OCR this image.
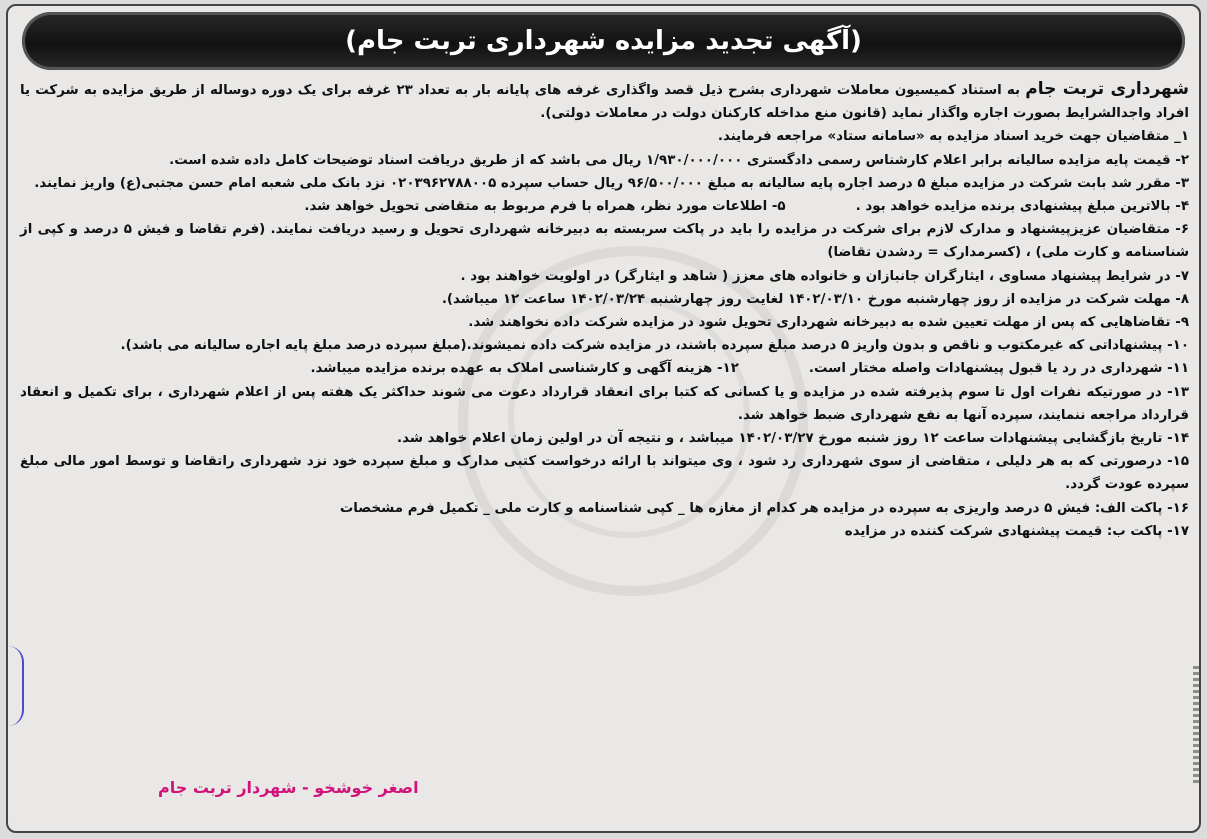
(آگهی تجدید مزایده شهرداری تربت جام)

شهرداری تربت جام به استناد کمیسیون معاملات شهرداری بشرح ذیل قصد واگذاری غرفه های پایانه بار به تعداد ۲۳ غرفه برای یک دوره دوساله از طریق مزایده به شرکت یا افراد واجدالشرایط بصورت اجاره واگذار نماید (قانون منع مداخله کارکنان دولت در معاملات دولتی).

۱_ متقاضیان جهت خرید اسناد مزایده به «سامانه ستاد» مراجعه فرمایند.

۲- قیمت پایه مزایده سالیانه برابر اعلام کارشناس رسمی دادگستری ۱/۹۳۰/۰۰۰/۰۰۰ ریال می باشد که از طریق دریافت اسناد توضیحات کامل داده شده است.

۳- مقرر شد بابت شرکت در مزایده مبلغ ۵ درصد اجاره پایه سالیانه به مبلغ ۹۶/۵۰۰/۰۰۰ ریال حساب سپرده ۰۲۰۳۹۶۲۷۸۸۰۰۵ نزد بانک ملی شعبه امام حسن مجتبی(ع) واریز نمایند.

۴- بالاترین مبلغ پیشنهادی برنده مزایده خواهد بود .
۵- اطلاعات مورد نظر، همراه با فرم مربوط به متقاضی تحویل خواهد شد.

۶- متقاضیان عزیزپیشنهاد و مدارک لازم برای شرکت در مزایده را باید در پاکت سربسته به دبیرخانه شهرداری تحویل و رسید دریافت نمایند. (فرم تقاضا و فیش ۵ درصد و کپی از شناسنامه و کارت ملی) ، (کسرمدارک = ردشدن تقاضا)

۷- در شرایط پیشنهاد مساوی ، ایثارگران جانبازان و خانواده های معزز ( شاهد و ایثارگر) در اولویت خواهند بود .

۸- مهلت شرکت در مزایده از روز چهارشنبه مورخ ۱۴۰۲/۰۳/۱۰ لغایت روز چهارشنبه ۱۴۰۲/۰۳/۲۴ ساعت ۱۲ میباشد).

۹- تقاضاهایی که پس از مهلت تعیین شده به دبیرخانه شهرداری تحویل شود در مزایده شرکت داده نخواهند شد.

۱۰- پیشنهاداتی که غیرمکتوب و ناقص و بدون واریز ۵ درصد مبلغ سپرده باشند، در مزایده شرکت داده نمیشوند.(مبلغ سپرده درصد مبلغ پایه اجاره سالیانه می باشد).

۱۱- شهرداری در رد یا قبول پیشنهادات واصله مختار است.
۱۲- هزینه آگهی و کارشناسی املاک به عهده برنده مزایده میباشد.

۱۳- در صورتیکه نفرات اول تا سوم پذیرفته شده در مزایده و یا کسانی که کتبا برای انعقاد قرارداد دعوت می شوند حداکثر یک هفته پس از اعلام شهرداری ، برای تکمیل و انعقاد قرارداد مراجعه ننمایند، سپرده آنها به نفع شهرداری ضبط خواهد شد.

۱۴- تاریخ بازگشایی پیشنهادات ساعت ۱۲ روز شنبه مورخ ۱۴۰۲/۰۳/۲۷ میباشد ، و نتیجه آن در اولین زمان اعلام خواهد شد.

۱۵- درصورتی که به هر دلیلی ، متقاضی از سوی شهرداری رد شود ، وی میتواند با ارائه درخواست کتبی مدارک و مبلغ سپرده خود نزد شهرداری راتقاضا و توسط امور مالی مبلغ سپرده عودت گردد.

۱۶- پاکت الف: فیش ۵ درصد واریزی به سپرده در مزایده هر کدام از مغازه ها _ کپی شناسنامه و کارت ملی _ تکمیل فرم مشخصات

۱۷- پاکت ب: قیمت پیشنهادی شرکت کننده در مزایده

اصغر خوشخو - شهردار تربت جام
